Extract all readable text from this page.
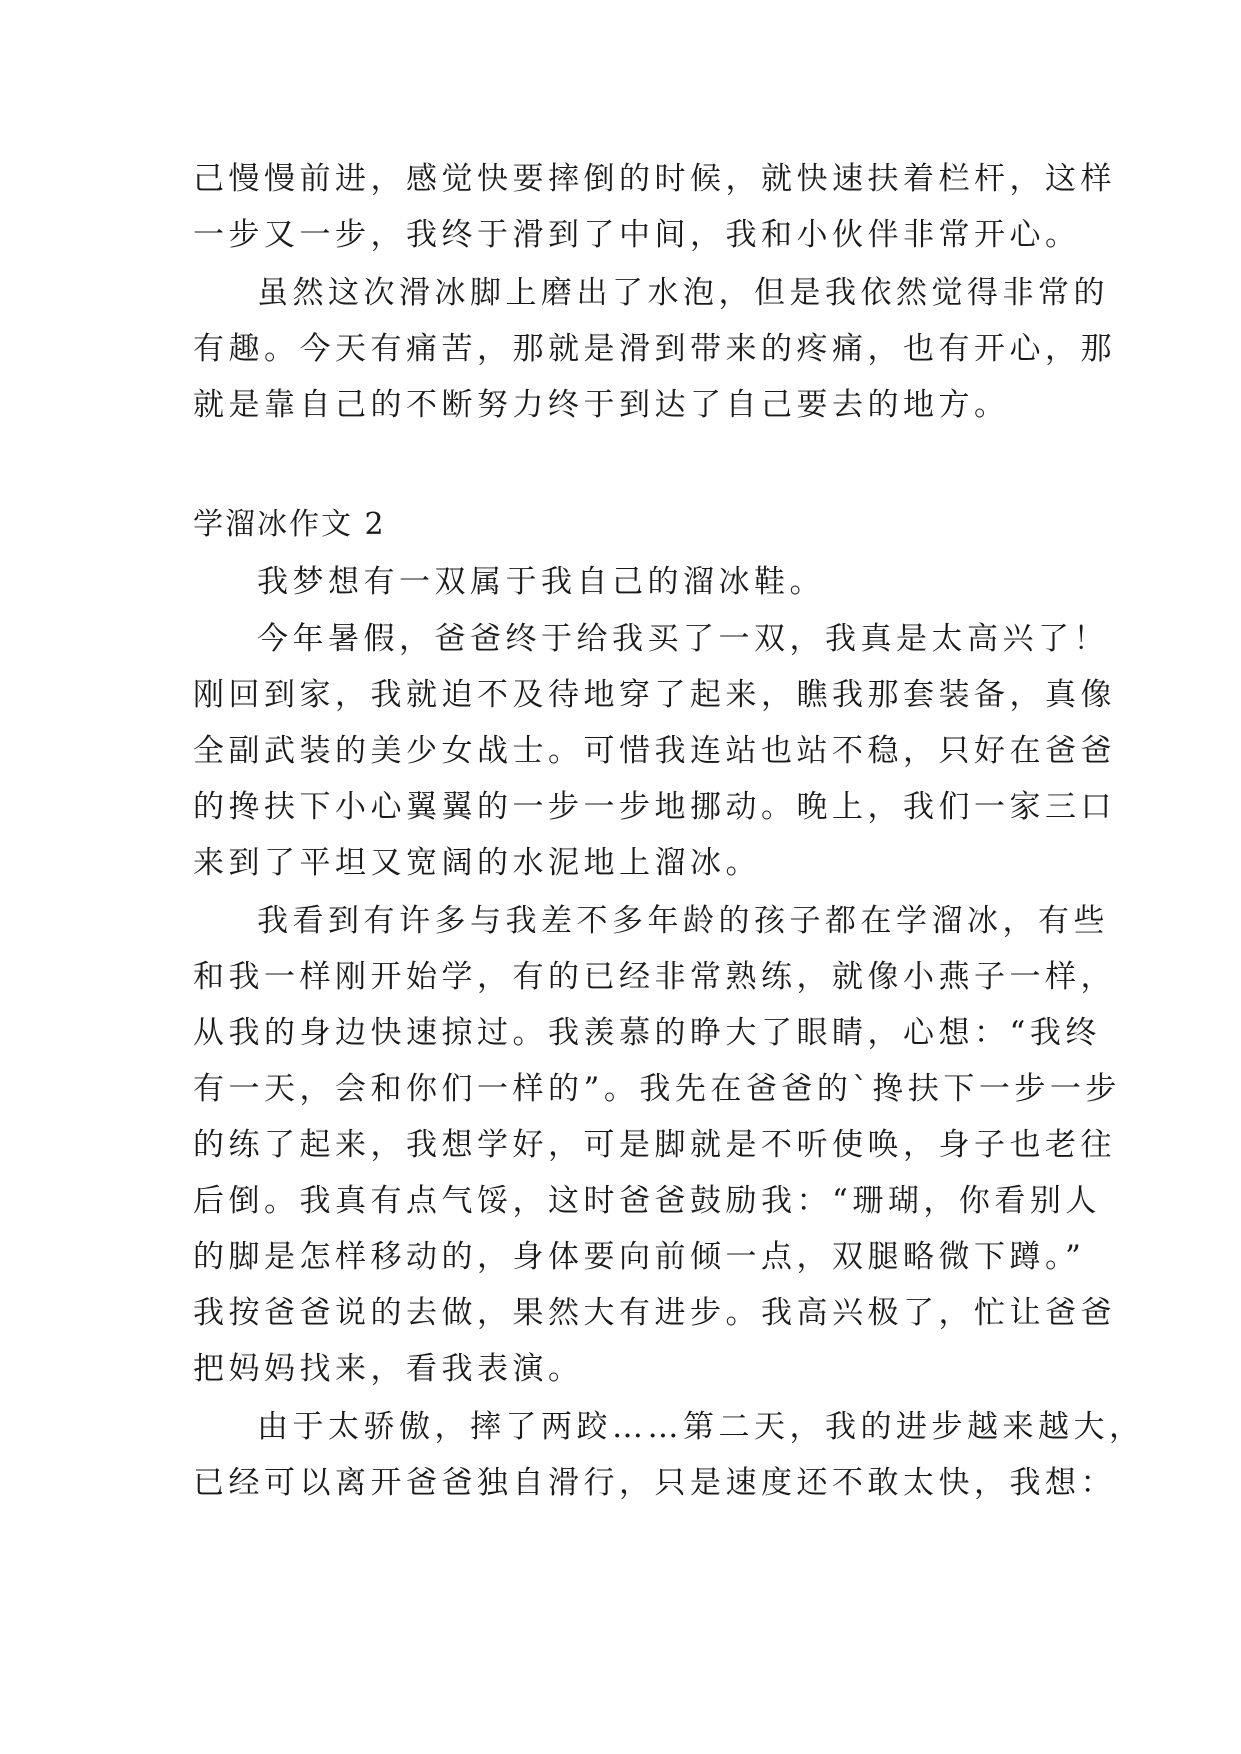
己慢慢前进，感觉快要摔倒的时候，就快速扶着栏杆，这样
一步又一步，我终于滑到了中间，我和小伙伴非常开心。
虽然这次滑冰脚上磨出了水泡，但是我依然觉得非常的
有趣。今天有痛苦，那就是滑到带来的疼痛，也有开心，那
就是靠自己的不断努力终于到达了自己要去的地方。
学溜冰作文 2
我梦想有一双属于我自己的溜冰鞋。
今年暑假，爸爸终于给我买了一双，我真是太高兴了！
刚回到家，我就迫不及待地穿了起来，瞧我那套装备，真像
全副武装的美少女战士。可惜我连站也站不稳，只好在爸爸
的搀扶下小心翼翼的一步一步地挪动。晚上，我们一家三口
来到了平坦又宽阔的水泥地上溜冰。
我看到有许多与我差不多年龄的孩子都在学溜冰，有些
和我一样刚开始学，有的已经非常熟练，就像小燕子一样，
从我的身边快速掠过。我羡慕的睁大了眼睛，心想：“我终
有一天，会和你们一样的”。我先在爸爸的`搀扶下一步一步
的练了起来，我想学好，可是脚就是不听使唤，身子也老往
后倒。我真有点气馁，这时爸爸鼓励我：“珊瑚，你看别人
的脚是怎样移动的，身体要向前倾一点，双腿略微下蹲。”
我按爸爸说的去做，果然大有进步。我高兴极了，忙让爸爸
把妈妈找来，看我表演。
由于太骄傲，摔了两跤……第二天，我的进步越来越大，
已经可以离开爸爸独自滑行，只是速度还不敢太快，我想：
